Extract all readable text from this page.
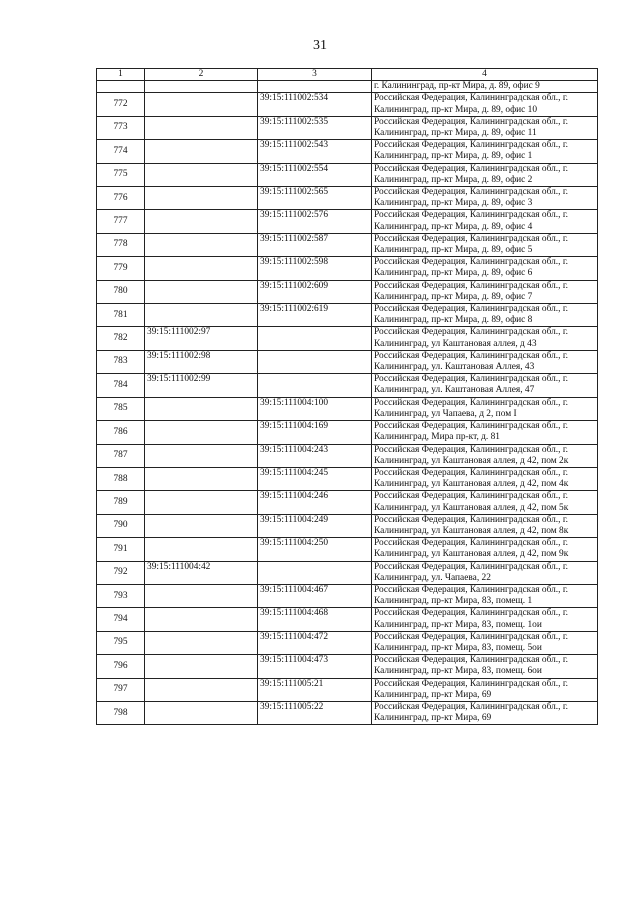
31
1	2	3	4
			г. Калининград, пр-кт Мира, д. 89, офис 9
772		39:15:111002:534	Российская Федерация, Калининградская обл., г. Калининград, пр-кт Мира, д. 89, офис 10
773		39:15:111002:535	Российская Федерация, Калининградская обл., г. Калининград, пр-кт Мира, д. 89, офис 11
774		39:15:111002:543	Российская Федерация, Калининградская обл., г. Калининград, пр-кт Мира, д. 89, офис 1
775		39:15:111002:554	Российская Федерация, Калининградская обл., г. Калининград, пр-кт Мира, д. 89, офис 2
776		39:15:111002:565	Российская Федерация, Калининградская обл., г. Калининград, пр-кт Мира, д. 89, офис 3
777		39:15:111002:576	Российская Федерация, Калининградская обл., г. Калининград, пр-кт Мира, д. 89, офис 4
778		39:15:111002:587	Российская Федерация, Калининградская обл., г. Калининград, пр-кт Мира, д. 89, офис 5
779		39:15:111002:598	Российская Федерация, Калининградская обл., г. Калининград, пр-кт Мира, д. 89, офис 6
780		39:15:111002:609	Российская Федерация, Калининградская обл., г. Калининград, пр-кт Мира, д. 89, офис 7
781		39:15:111002:619	Российская Федерация, Калининградская обл., г. Калининград, пр-кт Мира, д. 89, офис 8
782	39:15:111002:97		Российская Федерация, Калининградская обл., г. Калининград, ул Каштановая аллея, д 43
783	39:15:111002:98		Российская Федерация, Калининградская обл., г. Калининград, ул. Каштановая Аллея, 43
784	39:15:111002:99		Российская Федерация, Калининградская обл., г. Калининград, ул. Каштановая Аллея, 47
785		39:15:111004:100	Российская Федерация, Калининградская обл., г. Калининград, ул Чапаева, д 2, пом I
786		39:15:111004:169	Российская Федерация, Калининградская обл., г. Калининград, Мира пр-кт, д. 81
787		39:15:111004:243	Российская Федерация, Калининградская обл., г. Калининград, ул Каштановая аллея, д 42, пом 2к
788		39:15:111004:245	Российская Федерация, Калининградская обл., г. Калининград, ул Каштановая аллея, д 42, пом 4к
789		39:15:111004:246	Российская Федерация, Калининградская обл., г. Калининград, ул Каштановая аллея, д 42, пом 5к
790		39:15:111004:249	Российская Федерация, Калининградская обл., г. Калининград, ул Каштановая аллея, д 42, пом 8к
791		39:15:111004:250	Российская Федерация, Калининградская обл., г. Калининград, ул Каштановая аллея, д 42, пом 9к
792	39:15:111004:42		Российская Федерация, Калининградская обл., г. Калининград, ул. Чапаева, 22
793		39:15:111004:467	Российская Федерация, Калининградская обл., г. Калининград, пр-кт Мира, 83, помещ. 1
794		39:15:111004:468	Российская Федерация, Калининградская обл., г. Калининград, пр-кт Мира, 83, помещ. 1ои
795		39:15:111004:472	Российская Федерация, Калининградская обл., г. Калининград, пр-кт Мира, 83, помещ. 5ои
796		39:15:111004:473	Российская Федерация, Калининградская обл., г. Калининград, пр-кт Мира, 83, помещ. 6ои
797		39:15:111005:21	Российская Федерация, Калининградская обл., г. Калининград, пр-кт Мира, 69
798		39:15:111005:22	Российская Федерация, Калининградская обл., г. Калининград, пр-кт Мира, 69
